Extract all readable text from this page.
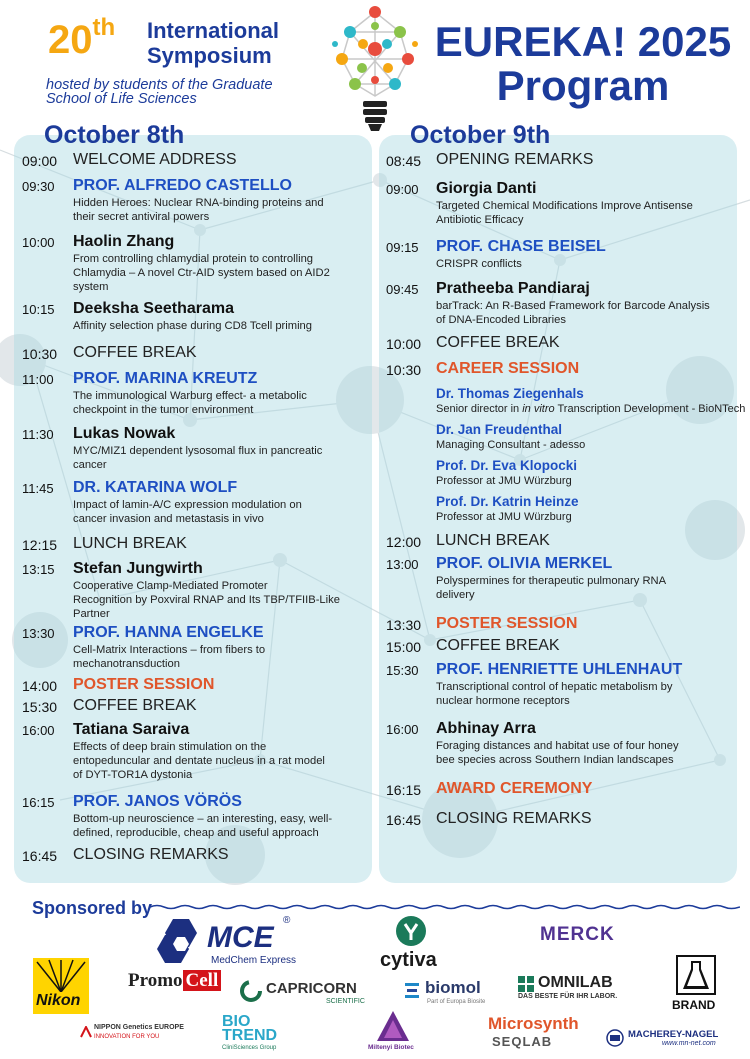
20th International
Symposium
hosted by students of the Graduate
School of Life Sciences
EUREKA! 2025
Program
October 8th	October 9th
09:00 WELCOME ADDRESS
09:30 PROF. ALFREDO CASTELLO
Hidden Heroes: Nuclear RNA-binding proteins and
their secret antiviral powers
10:00 Haolin Zhang
From controlling chlamydial protein to controlling
Chlamydia – A novel Ctr-AID system based on AID2
system
10:15 Deeksha Seetharama
Affinity selection phase during CD8 Tcell priming
10:30 COFFEE BREAK
11:00 PROF. MARINA KREUTZ
The immunological Warburg effect- a metabolic
checkpoint in the tumor environment
11:30 Lukas Nowak
MYC/MIZ1 dependent lysosomal flux in pancreatic
cancer
11:45 DR. KATARINA WOLF
Impact of lamin-A/C expression modulation on
cancer invasion and metastasis in vivo
12:15 LUNCH BREAK
13:15 Stefan Jungwirth
Cooperative Clamp-Mediated Promoter
Recognition by Poxviral RNAP and Its TBP/TFIIB-Like
Partner
13:30 PROF. HANNA ENGELKE
Cell-Matrix Interactions – from fibers to
mechanotransduction
14:00 POSTER SESSION
15:30 COFFEE BREAK
16:00 Tatiana Saraiva
Effects of deep brain stimulation on the
entopeduncular and dentate nucleus in a rat model
of DYT-TOR1A dystonia
16:15 PROF. JANOS VÖRÖS
Bottom-up neuroscience – an interesting, easy, well-
defined, reproducible, cheap and useful approach
16:45 CLOSING REMARKS
08:45 OPENING REMARKS
09:00 Giorgia Danti
Targeted Chemical Modifications Improve Antisense
Antibiotic Efficacy
09:15 PROF. CHASE BEISEL
CRISPR conflicts
09:45 Pratheeba Pandiaraj
barTrack: An R-Based Framework for Barcode Analysis
of DNA-Encoded Libraries
10:00 COFFEE BREAK
10:30 CAREER SESSION
12:00 LUNCH BREAK
13:00 PROF. OLIVIA MERKEL
Polyspermines for therapeutic pulmonary RNA
delivery
13:30 POSTER SESSION
15:00 COFFEE BREAK
15:30 PROF. HENRIETTE UHLENHAUT
Transcriptional control of hepatic metabolism by
nuclear hormone receptors
16:00 Abhinay Arra
Foraging distances and habitat use of four honey
bee species across Southern Indian landscapes
16:15 AWARD CEREMONY
16:45 CLOSING REMARKS
Dr. Thomas Ziegenhals
Senior director in in vitro Transcription Development - BioNTech
Dr. Jan Freudenthal
Managing Consultant - adesso
Prof. Dr. Eva Klopocki
Professor at JMU Würzburg
Prof. Dr. Katrin Heinze
Professor at JMU Würzburg
Sponsored by
MCE
®
MedChem Express	cytiva
MERCK
Nikon
Promo Cell	CAPRICORN
SCIENTIFIC
biomol
Part of Europa Biosite
OMNILAB
DAS BESTE FÜR IHR LABOR.
BRAND
NIPPON Genetics EUROPE
INNOVATION FOR YOU
BIO
TREND
CliniSciences Group	Miltenyi Biotec
Microsynth
SEQLAB	MACHEREY-NAGEL
www.mn-net.com
